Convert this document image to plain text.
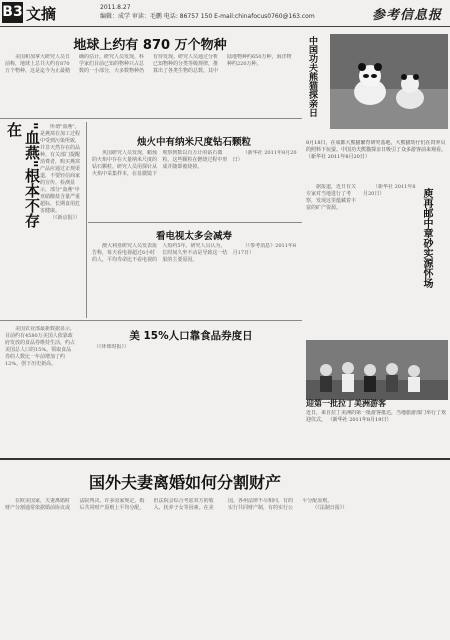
B3 文摘	2011.8.27
编辑：成学 审读：毛鹏 电话: 86757 150 E-mail:chinafocus0760@163.com	参考信息报
地球上约有 870 万个物种

美国和加拿大研究人员日前称，地球上总共大约有870万个物种。这是迄今为止最精确的估计。研究人员发现，科学家们目前已知的物种只占总数的一小部分，大多数物种仍有待发现。研究人员通过分析已知物种的分类等级规律，推算出了各类生物的总数。其中陆地物种约650万种，海洋物种约220万种。	中国功夫熊猫探亲日
8月18日，在成都大熊猫繁育研究基地，大熊猫幼仔们在饲养员的照料下玩耍。中国功夫熊猫探亲日吸引了众多游客前来观看。 （新华社 2011年8月20日）
"血燕"根本不存在	所谓"血燕"，是燕窝在加工过程中受到污染所致，并非天然存在的品种。有关部门提醒消费者，购买燕窝产品应通过正规渠道，不要轻信商家的宣传。检测显示，部分"血燕"中亚硝酸盐含量严重超标，长期食用危害健康。

（《新京报》）

烛火中有纳米尺度钻石颗粒

英国研究人员发现，蜡烛的火焰中存在大量纳米尺度的钻石颗粒。研究人员用探针从火焰中采集样本，在显微镜下观察到数以百万计的钻石微粒。这些颗粒在燃烧过程中形成并随即被烧掉。

（新华社 2011年8月20日）

看电视太多会减寿

澳大利亚研究人员发表报告称，每天看电视超过6小时的人，平均寿命比不看电视的人短约5年。研究人员认为，长时间久坐不动是导致这一结果的主要原因。

（《参考消息》2011年8月17日）

据报道，近日有关专家对当地进行了考察，发现这里蕴藏着丰富的矿产资源。

（新华社 2011年8月20日）	庾再邮中章砂实源怀场

美国农业部最新数据显示，目前约有4580万美国人依靠政府发放的食品券维持生活，约占美国总人口的15%。领取食品券的人数比一年前增加了约12%，创下历史新高。

美 15%人口靠食品券度日

（《环球时报》）

迎第一批拉丁美洲游客
近日，来自拉丁美洲的第一批游客抵达，当地旅游部门举行了欢迎仪式。 （新华社 2011年8月19日）
国外夫妻离婚如何分割财产

在欧美国家，夫妻离婚时财产分割通常依据婚前协议或法院判决。许多国家规定，婚后共同财产原则上平均分配，但法院会综合考虑双方的收入、抚养子女等因素。在美国，各州法律不尽相同，有的实行共同财产制，有的实行公平分配原则。

（《法制日报》）
